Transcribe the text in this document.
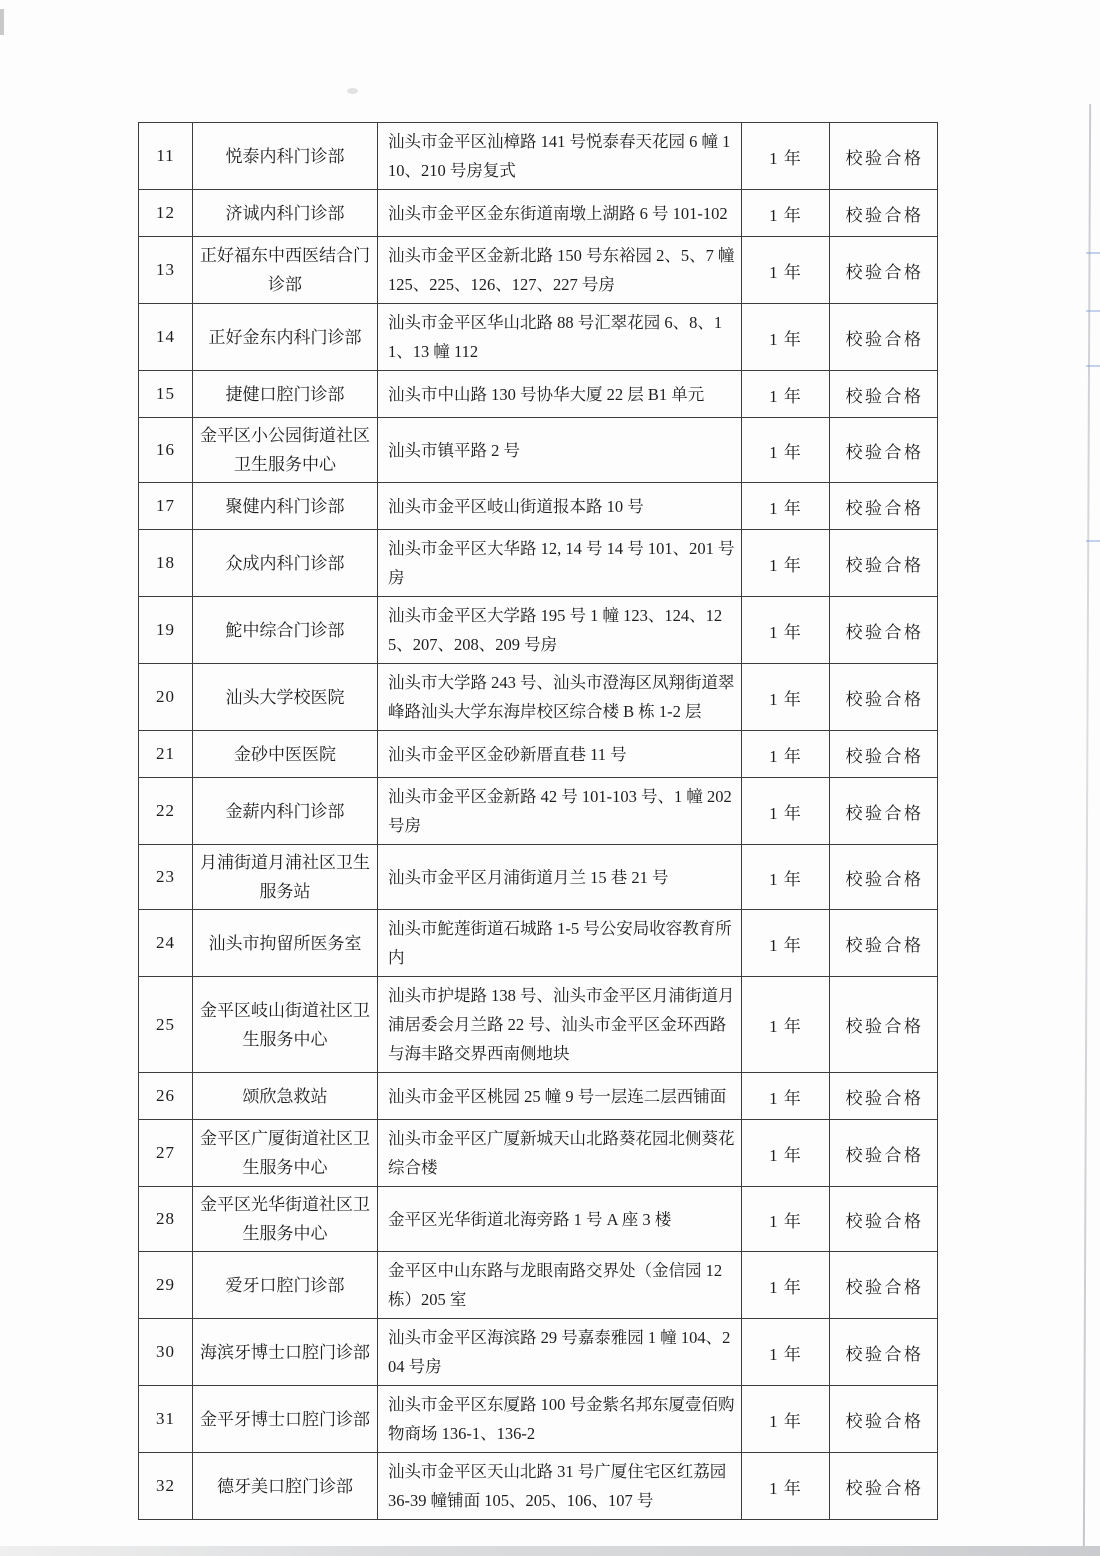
11	悦泰内科门诊部	汕头市金平区汕樟路 141 号悦泰春天花园 6 幢 110、210 号房复式	1 年	校验合格
12	济诚内科门诊部	汕头市金平区金东街道南墩上湖路 6 号 101-102	1 年	校验合格
13	正好福东中西医结合门诊部	汕头市金平区金新北路 150 号东裕园 2、5、7 幢 125、225、126、127、227 号房	1 年	校验合格
14	正好金东内科门诊部	汕头市金平区华山北路 88 号汇翠花园 6、8、11、13 幢 112	1 年	校验合格
15	捷健口腔门诊部	汕头市中山路 130 号协华大厦 22 层 B1 单元	1 年	校验合格
16	金平区小公园街道社区卫生服务中心	汕头市镇平路 2 号	1 年	校验合格
17	聚健内科门诊部	汕头市金平区岐山街道报本路 10 号	1 年	校验合格
18	众成内科门诊部	汕头市金平区大华路 12, 14 号 14 号 101、201 号房	1 年	校验合格
19	鮀中综合门诊部	汕头市金平区大学路 195 号 1 幢 123、124、125、207、208、209 号房	1 年	校验合格
20	汕头大学校医院	汕头市大学路 243 号、汕头市澄海区凤翔街道翠峰路汕头大学东海岸校区综合楼 B 栋 1-2 层	1 年	校验合格
21	金砂中医医院	汕头市金平区金砂新厝直巷 11 号	1 年	校验合格
22	金薪内科门诊部	汕头市金平区金新路 42 号 101-103 号、1 幢 202 号房	1 年	校验合格
23	月浦街道月浦社区卫生服务站	汕头市金平区月浦街道月兰 15 巷 21 号	1 年	校验合格
24	汕头市拘留所医务室	汕头市鮀莲街道石城路 1-5 号公安局收容教育所内	1 年	校验合格
25	金平区岐山街道社区卫生服务中心	汕头市护堤路 138 号、汕头市金平区月浦街道月浦居委会月兰路 22 号、汕头市金平区金环西路与海丰路交界西南侧地块	1 年	校验合格
26	颂欣急救站	汕头市金平区桃园 25 幢 9 号一层连二层西铺面	1 年	校验合格
27	金平区广厦街道社区卫生服务中心	汕头市金平区广厦新城天山北路葵花园北侧葵花综合楼	1 年	校验合格
28	金平区光华街道社区卫生服务中心	金平区光华街道北海旁路 1 号 A 座 3 楼	1 年	校验合格
29	爱牙口腔门诊部	金平区中山东路与龙眼南路交界处（金信园 12 栋）205 室	1 年	校验合格
30	海滨牙博士口腔门诊部	汕头市金平区海滨路 29 号嘉泰雅园 1 幢 104、204 号房	1 年	校验合格
31	金平牙博士口腔门诊部	汕头市金平区东厦路 100 号金紫名邦东厦壹佰购物商场 136-1、136-2	1 年	校验合格
32	德牙美口腔门诊部	汕头市金平区天山北路 31 号广厦住宅区红荔园 36-39 幢铺面 105、205、106、107 号	1 年	校验合格
